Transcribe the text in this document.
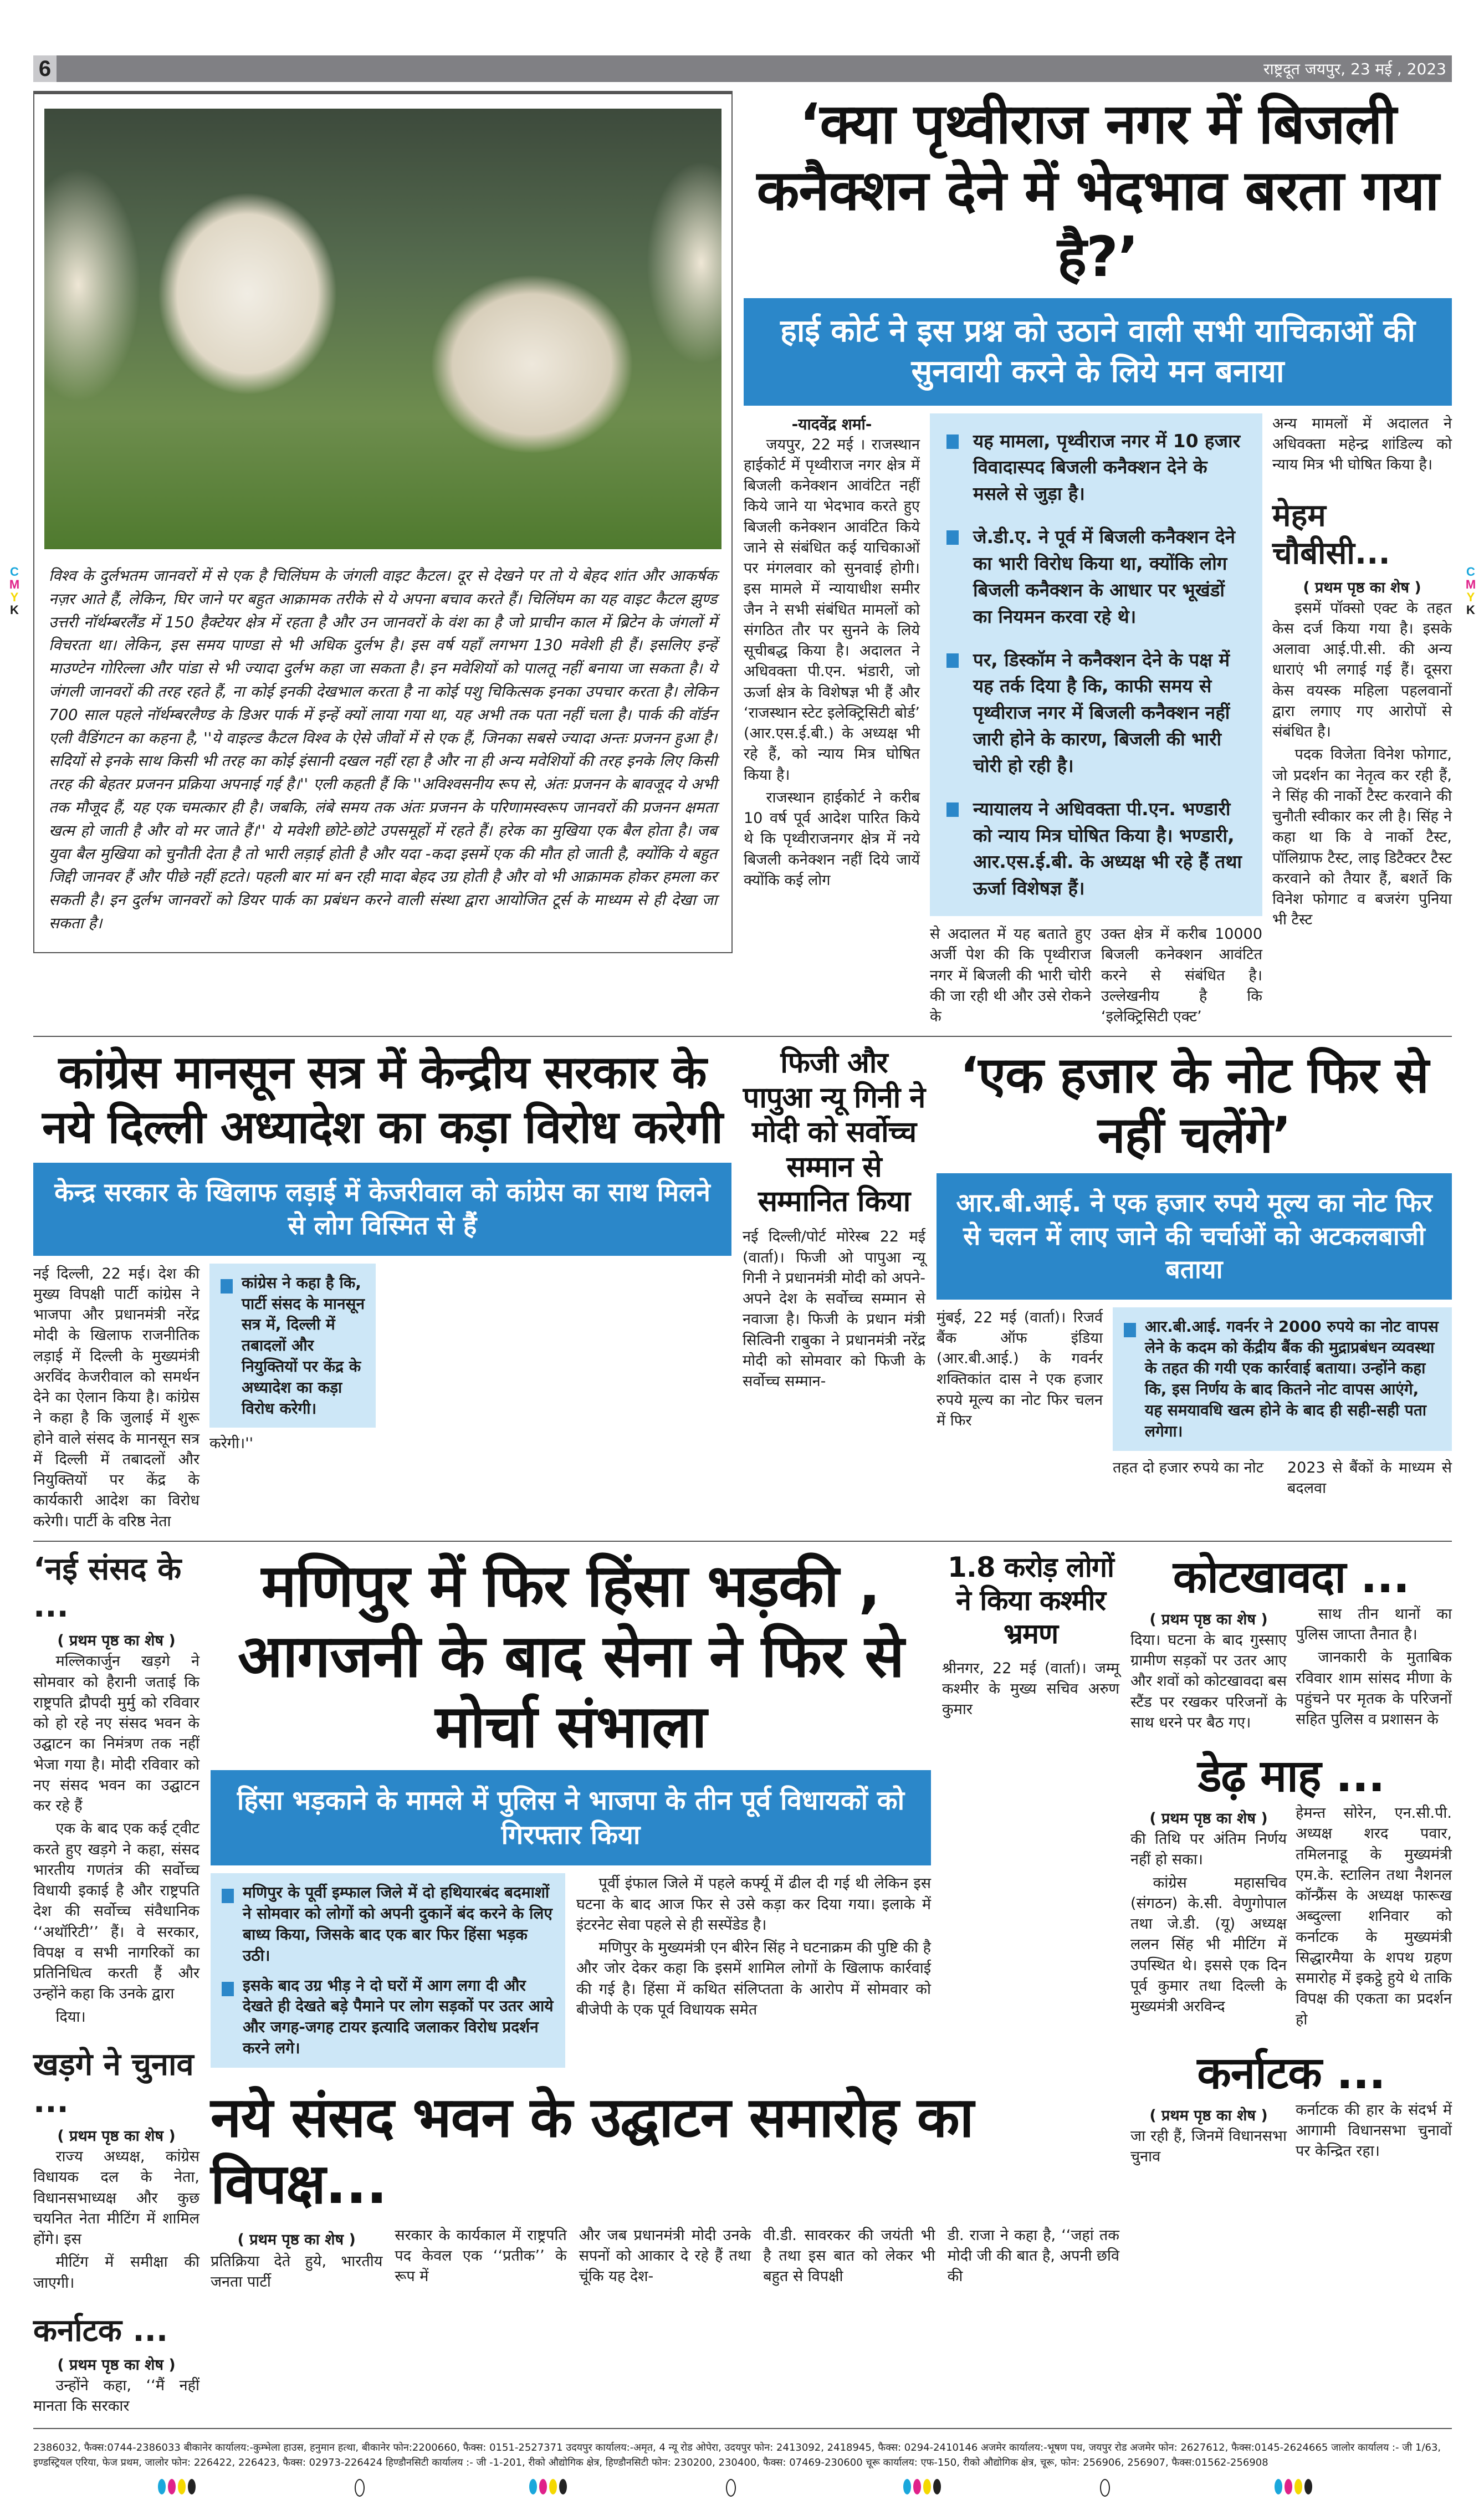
C
M
Y
K
C
M
Y
K
6	राष्ट्रदूत जयपुर, 23 मई , 2023
विश्व के दुर्लभतम जानवरों में से एक है चिलिंघम के जंगली वाइट कैटल। दूर से देखने पर तो ये बेहद शांत और आकर्षक नज़र आते हैं, लेकिन, घिर जाने पर बहुत आक्रामक तरीके से ये अपना बचाव करते हैं। चिलिंघम का यह वाइट कैटल झुण्ड उत्तरी नॉर्थम्बरलैंड में 150 हैक्टेयर क्षेत्र में रहता है और उन जानवरों के वंश का है जो प्राचीन काल में ब्रिटेन के जंगलों में विचरता था। लेकिन, इस समय पाण्डा से भी अधिक दुर्लभ है। इस वर्ष यहाँ लगभग 130 मवेशी ही हैं। इसलिए इन्हें माउण्टेन गोरिल्ला और पांडा से भी ज्यादा दुर्लभ कहा जा सकता है। इन मवेशियों को पालतू नहीं बनाया जा सकता है। ये जंगली जानवरों की तरह रहते हैं, ना कोई इनकी देखभाल करता है ना कोई पशु चिकित्सक इनका उपचार करता है। लेकिन 700 साल पहले नॉर्थम्बरलैण्ड के डिअर पार्क में इन्हें क्यों लाया गया था, यह अभी तक पता नहीं चला है। पार्क की वॉर्डन एली वैडिंगटन का कहना है, ''ये वाइल्ड कैटल विश्व के ऐसे जीवों में से एक हैं, जिनका सबसे ज्यादा अन्तः प्रजनन हुआ है। सदियों से इनके साथ किसी भी तरह का कोई इंसानी दखल नहीं रहा है और ना ही अन्य मवेशियों की तरह इनके लिए किसी तरह की बेहतर प्रजनन प्रक्रिया अपनाई गई है।'' एली कहती हैं कि ''अविश्वसनीय रूप से, अंतः प्रजनन के बावजूद ये अभी तक मौजूद हैं, यह एक चमत्कार ही है। जबकि, लंबे समय तक अंतः प्रजनन के परिणामस्वरूप जानवरों की प्रजनन क्षमता खत्म हो जाती है और वो मर जाते हैं।'' ये मवेशी छोटे-छोटे उपसमूहों में रहते हैं। हरेक का मुखिया एक बैल होता है। जब युवा बैल मुखिया को चुनौती देता है तो भारी लड़ाई होती है और यदा -कदा इसमें एक की मौत हो जाती है, क्योंकि ये बहुत जिद्दी जानवर हैं और पीछे नहीं हटते। पहली बार मां बन रही मादा बेहद उग्र होती है और वो भी आक्रामक होकर हमला कर सकती है। इन दुर्लभ जानवरों को डियर पार्क का प्रबंधन करने वाली संस्था द्वारा आयोजित टूर्स के माध्यम से ही देखा जा सकता है।
‘क्या पृथ्वीराज नगर में बिजली कनैक्शन देने में भेदभाव बरता गया है?’
हाई कोर्ट ने इस प्रश्न को उठाने वाली सभी याचिकाओं की सुनवायी करने के लिये मन बनाया
-यादवेंद्र शर्मा-

जयपुर, 22 मई । राजस्थान हाईकोर्ट में पृथ्वीराज नगर क्षेत्र में बिजली कनेक्शन आवंटित नहीं किये जाने या भेदभाव करते हुए बिजली कनेक्शन आवंटित किये जाने से संबंधित कई याचिकाओं पर मंगलवार को सुनवाई होगी। इस मामले में न्यायाधीश समीर जैन ने सभी संबंधित मामलों को संगठित तौर पर सुनने के लिये सूचीबद्ध किया है। अदालत ने अधिवक्ता पी.एन. भंडारी, जो ऊर्जा क्षेत्र के विशेषज्ञ भी हैं और ‘राजस्थान स्टेट इलेक्ट्रिसिटी बोर्ड’ (आर.एस.ई.बी.) के अध्यक्ष भी रहे हैं, को न्याय मित्र घोषित किया है।

राजस्थान हाईकोर्ट ने करीब 10 वर्ष पूर्व आदेश पारित किये थे कि पृथ्वीराजनगर क्षेत्र में नये बिजली कनेक्शन नहीं दिये जायें क्योंकि कई लोग

यह मामला, पृथ्वीराज नगर में 10 हजार विवादास्पद बिजली कनैक्शन देने के मसले से जुड़ा है।
जे.डी.ए. ने पूर्व में बिजली कनैक्शन देने का भारी विरोध किया था, क्योंकि लोग बिजली कनैक्शन के आधार पर भूखंडों का नियमन करवा रहे थे।
पर, डिस्कॉम ने कनैक्शन देने के पक्ष में यह तर्क दिया है कि, काफी समय से पृथ्वीराज नगर में बिजली कनैक्शन नहीं जारी होने के कारण, बिजली की भारी चोरी हो रही है।
न्यायालय ने अधिवक्ता पी.एन. भण्डारी को न्याय मित्र घोषित किया है। भण्डारी, आर.एस.ई.बी. के अध्यक्ष भी रहे हैं तथा ऊर्जा विशेषज्ञ हैं।
से अदालत में यह बताते हुए अर्जी पेश की कि पृथ्वीराज नगर में बिजली की भारी चोरी की जा रही थी और उसे रोकने के
उक्त क्षेत्र में करीब 10000 बिजली कनेक्शन आवंटित करने से संबंधित है। उल्लेखनीय है कि ‘इलेक्ट्रिसिटी एक्ट’
अन्य मामलों में अदालत ने अधिवक्ता महेन्द्र शांडिल्य को न्याय मित्र भी घोषित किया है।
मेहम चौबीसी...
( प्रथम पृष्ठ का शेष )

इसमें पॉक्सो एक्ट के तहत केस दर्ज किया गया है। इसके अलावा आई.पी.सी. की अन्य धाराएं भी लगाई गई हैं। दूसरा केस वयस्क महिला पहलवानों द्वारा लगाए गए आरोपों से संबंधित है।

पदक विजेता विनेश फोगाट, जो प्रदर्शन का नेतृत्व कर रही हैं, ने सिंह की नार्को टैस्ट करवाने की चुनौती स्वीकार कर ली है। सिंह ने कहा था कि वे नार्को टैस्ट, पॉलिग्राफ टैस्ट, लाइ डिटैक्टर टैस्ट करवाने को तैयार हैं, बशर्ते कि विनेश फोगाट व बजरंग पुनिया भी टैस्ट

कांग्रेस मानसून सत्र में केन्द्रीय सरकार के नये दिल्ली अध्यादेश का कड़ा विरोध करेगी
केन्द्र सरकार के खिलाफ लड़ाई में केजरीवाल को कांग्रेस का साथ मिलने से लोग विस्मित से हैं
नई दिल्ली, 22 मई। देश की मुख्य विपक्षी पार्टी कांग्रेस ने भाजपा और प्रधानमंत्री नरेंद्र मोदी के खिलाफ राजनीतिक लड़ाई में दिल्ली के मुख्यमंत्री अरविंद केजरीवाल को समर्थन देने का ऐलान किया है। कांग्रेस ने कहा है कि जुलाई में शुरू होने वाले संसद के मानसून सत्र में दिल्ली में तबादलों और नियुक्तियों पर केंद्र के कार्यकारी आदेश का विरोध करेगी। पार्टी के वरिष्ठ नेता
कांग्रेस ने कहा है कि, पार्टी संसद के मानसून सत्र में, दिल्ली में तबादलों और नियुक्तियों पर केंद्र के अध्यादेश का कड़ा विरोध करेगी।
करेगी।''
फिजी और पापुआ न्यू गिनी ने मोदी को सर्वोच्च सम्मान से सम्मानित किया
नई दिल्ली/पोर्ट मोरेस्ब 22 मई (वार्ता)। फिजी ओ पापुआ न्यू गिनी ने प्रधानमंत्री मोदी को अपने-अपने देश के सर्वोच्च सम्मान से नवाजा है। फिजी के प्रधान मंत्री सित्विनी राबुका ने प्रधानमंत्री नरेंद्र मोदी को सोमवार को फिजी के सर्वोच्च सम्मान-
‘एक हजार के नोट फिर से नहीं चलेंगे’
आर.बी.आई. ने एक हजार रुपये मूल्य का नोट फिर से चलन में लाए जाने की चर्चाओं को अटकलबाजी बताया
मुंबई, 22 मई (वार्ता)। रिजर्व बैंक ऑफ इंडिया (आर.बी.आई.) के गवर्नर शक्तिकांत दास ने एक हजार रुपये मूल्य का नोट फिर चलन में फिर
आर.बी.आई. गवर्नर ने 2000 रुपये का नोट वापस लेने के कदम को केंद्रीय बैंक की मुद्राप्रबंधन व्यवस्था के तहत की गयी एक कार्रवाई बताया। उन्होंने कहा कि, इस निर्णय के बाद कितने नोट वापस आएंगे, यह समयावधि खत्म होने के बाद ही सही-सही पता लगेगा।
तहत दो हजार रुपये का नोट	2023 से बैंकों के माध्यम से बदलवा
‘नई संसद के ...
( प्रथम पृष्ठ का शेष )

मल्लिकार्जुन खड़गे ने सोमवार को हैरानी जताई कि राष्ट्रपति द्रौपदी मुर्मु को रविवार को हो रहे नए संसद भवन के उद्घाटन का निमंत्रण तक नहीं भेजा गया है। मोदी रविवार को नए संसद भवन का उद्घाटन कर रहे हैं

एक के बाद एक कई ट्वीट करते हुए खड़गे ने कहा, संसद भारतीय गणतंत्र की सर्वोच्च विधायी इकाई है और राष्ट्रपति देश की सर्वोच्च संवैधानिक ‘‘अथॉरिटी’’ हैं। वे सरकार, विपक्ष व सभी नागरिकों का प्रतिनिधित्व करती हैं और उन्होंने कहा कि उनके द्वारा

दिया।

खड़गे ने चुनाव ...
( प्रथम पृष्ठ का शेष )

राज्य अध्यक्ष, कांग्रेस विधायक दल के नेता, विधानसभाध्यक्ष और कुछ चयनित नेता मीटिंग में शामिल होंगे। इस

मीटिंग में समीक्षा की जाएगी।

कर्नाटक ...
( प्रथम पृष्ठ का शेष )

उन्होंने कहा, ‘‘मैं नहीं मानता कि सरकार

मणिपुर में फिर हिंसा भड़की , आगजनी के बाद सेना ने फिर से मोर्चा संभाला
हिंसा भड़काने के मामले में पुलिस ने भाजपा के तीन पूर्व विधायकों को गिरफ्तार किया
मणिपुर के पूर्वी इम्फाल जिले में दो हथियारबंद बदमाशों ने सोमवार को लोगों को अपनी दुकानें बंद करने के लिए बाध्य किया, जिसके बाद एक बार फिर हिंसा भड़क उठी।
इसके बाद उग्र भीड़ ने दो घरों में आग लगा दी और देखते ही देखते बड़े पैमाने पर लोग सड़कों पर उतर आये और जगह-जगह टायर इत्यादि जलाकर विरोध प्रदर्शन करने लगे।

पूर्वी इंफाल जिले में पहले कर्फ्यू में ढील दी गई थी लेकिन इस घटना के बाद आज फिर से उसे कड़ा कर दिया गया। इलाके में इंटरनेट सेवा पहले से ही सस्पेंडेड है।

मणिपुर के मुख्यमंत्री एन बीरेन सिंह ने घटनाक्रम की पुष्टि की है और जोर देकर कहा कि इसमें शामिल लोगों के खिलाफ कार्रवाई की गई है। हिंसा में कथित संलिप्तता के आरोप में सोमवार को बीजेपी के एक पूर्व विधायक समेत

1.8 करोड़ लोगों ने किया कश्मीर भ्रमण
श्रीनगर, 22 मई (वार्ता)। जम्मू कश्मीर के मुख्य सचिव अरुण कुमार
नये संसद भवन के उद्घाटन समारोह का विपक्ष...
( प्रथम पृष्ठ का शेष )
प्रतिक्रिया देते हुये, भारतीय जनता पार्टी
सरकार के कार्यकाल में राष्ट्रपति पद केवल एक ‘‘प्रतीक’’ के रूप में
और जब प्रधानमंत्री मोदी उनके सपनों को आकार दे रहे हैं तथा चूंकि यह देश-
वी.डी. सावरकर की जयंती भी है तथा इस बात को लेकर भी बहुत से विपक्षी
डी. राजा ने कहा है, ‘‘जहां तक मोदी जी की बात है, अपनी छवि की
कोटखावदा ...
( प्रथम पृष्ठ का शेष )
दिया। घटना के बाद गुस्साए ग्रामीण सड़कों पर उतर आए और शवों को कोटखावदा बस स्टैंड पर रखकर परिजनों के साथ धरने पर बैठ गए।

साथ तीन थानों का पुलिस जाप्ता तैनात है।

जानकारी के मुताबिक रविवार शाम सांसद मीणा के पहुंचने पर मृतक के परिजनों सहित पुलिस व प्रशासन के

डेढ़ माह ...
( प्रथम पृष्ठ का शेष )

की तिथि पर अंतिम निर्णय नहीं हो सका।

कांग्रेस महासचिव (संगठन) के.सी. वेणुगोपाल तथा जे.डी. (यू) अध्यक्ष ललन सिंह भी मीटिंग में उपस्थित थे। इससे एक दिन पूर्व कुमार तथा दिल्ली के मुख्यमंत्री अरविन्द

हेमन्त सोरेन, एन.सी.पी. अध्यक्ष शरद पवार, तमिलनाडू के मुख्यमंत्री एम.के. स्टालिन तथा नैशनल कॉन्फ्रैंस के अध्यक्ष फारूख अब्दुल्ला शनिवार को कर्नाटक के मुख्यमंत्री सिद्धारमैया के शपथ ग्रहण समारोह में इकट्ठे हुये थे ताकि विपक्ष की एकता का प्रदर्शन हो
कर्नाटक ...
( प्रथम पृष्ठ का शेष )
जा रही हैं, जिनमें विधानसभा चुनाव
कर्नाटक की हार के संदर्भ में आगामी विधानसभा चुनावों पर केन्द्रित रहा।
2386032, फैक्स:0744-2386033 बीकानेर कार्यालय:-कुम्भेला हाउस, हनुमान हत्था, बीकानेर फोन:2200660, फैक्स: 0151-2527371 उदयपुर कार्यालय:-अमृत, 4 न्यू रोड ओपेरा, उदयपुर फोन: 2413092, 2418945, फैक्स: 0294-2410146 अजमेर कार्यालय:-भूषण पथ, जयपुर रोड अजमेर फोन: 2627612, फैक्स:0145-2624665 जालोर कार्यालय :- जी 1/63,
इण्डस्ट्रियल एरिया, फेज प्रथम, जालोर फोन: 226422, 226423, फैक्स: 02973-226424 हिण्डौनसिटी कार्यालय :- जी -1-201, रीको औद्योगिक क्षेत्र, हिण्डौनसिटी फोन: 230200, 230400, फैक्स: 07469-230600 चूरू कार्यालय: एफ-150, रीको औद्योगिक क्षेत्र, चूरू, फोन: 256906, 256907, फैक्स:01562-256908
